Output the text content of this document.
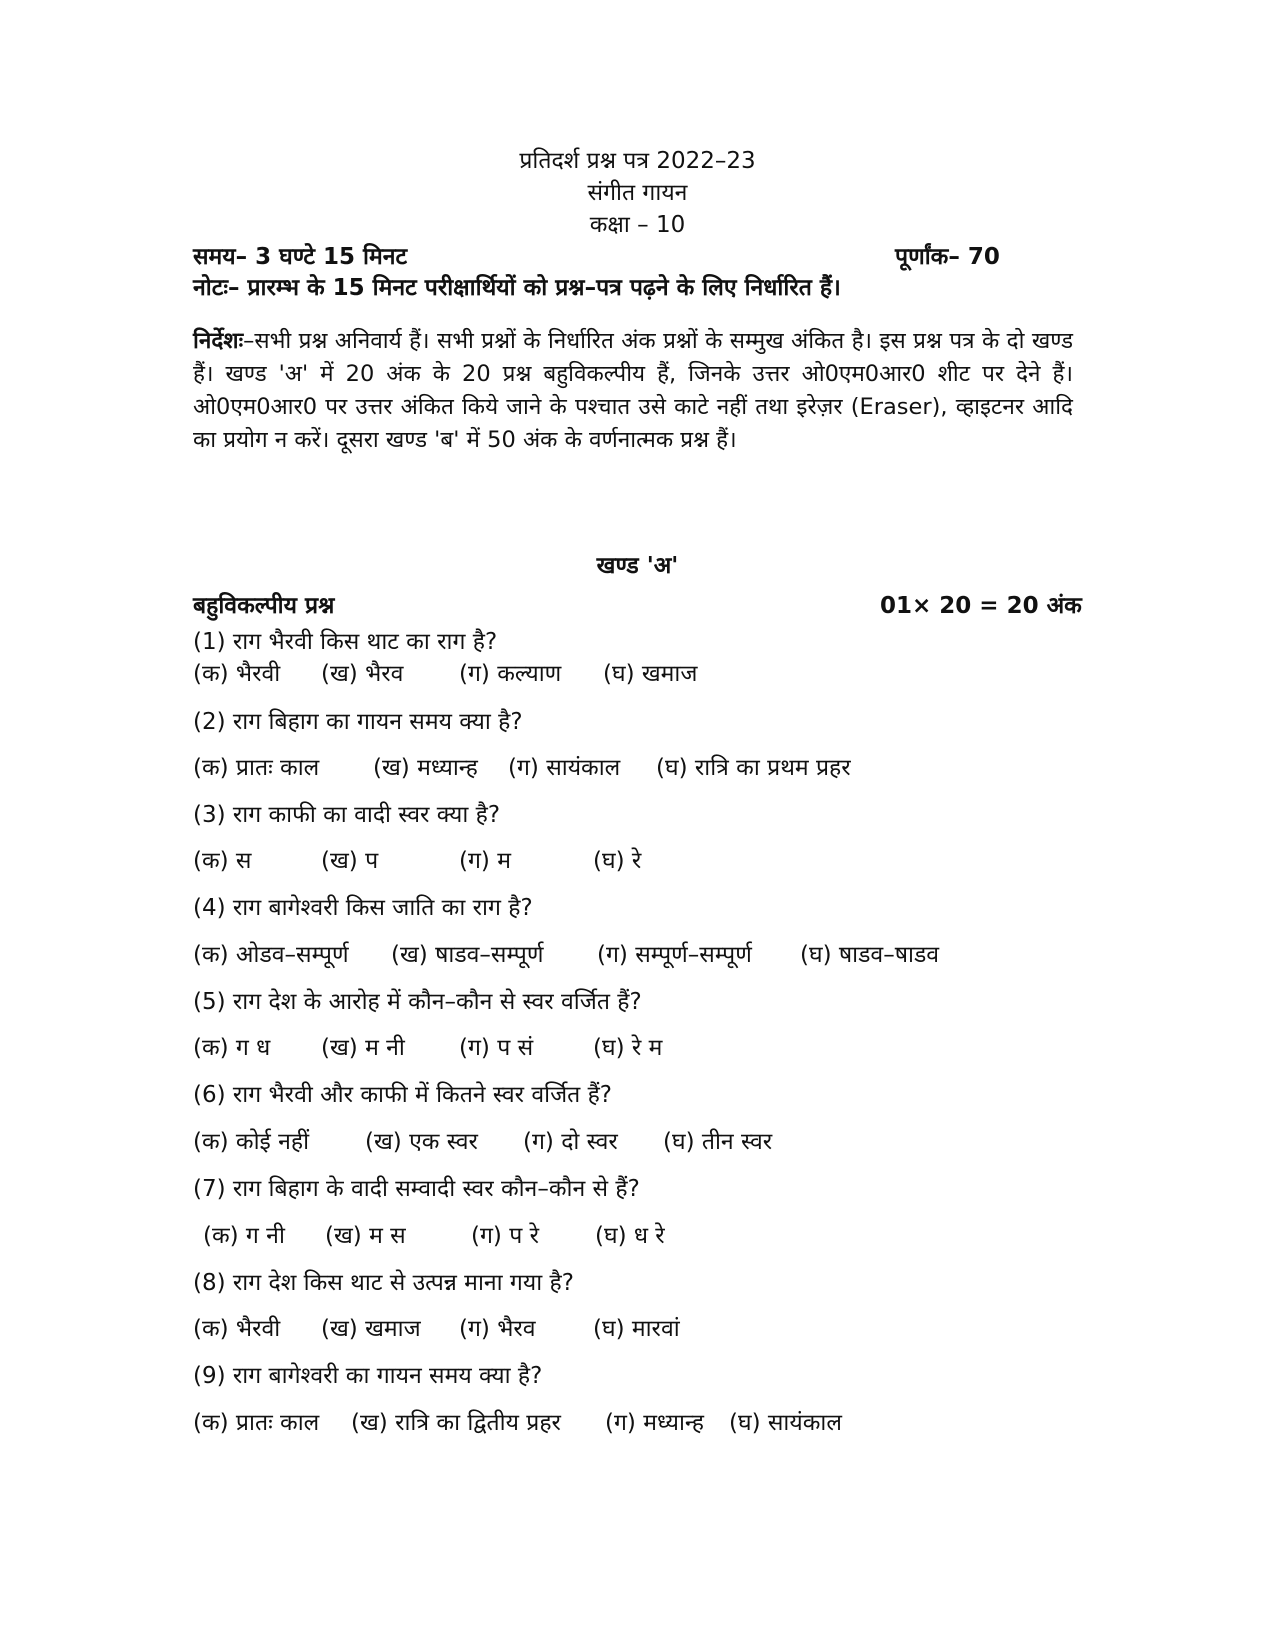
प्रतिदर्श प्रश्न पत्र 2022–23
संगीत गायन
कक्षा – 10
समय– 3 घण्टे 15 मिनट	पूर्णांक– 70
नोटः– प्रारम्भ के 15 मिनट परीक्षार्थियों को प्रश्न–पत्र पढ़ने के लिए निर्धारित हैं।
निर्देशः–सभी प्रश्न अनिवार्य हैं। सभी प्रश्नों के निर्धारित अंक प्रश्नों के सम्मुख अंकित है। इस प्रश्न पत्र के दो खण्ड हैं। खण्ड 'अ' में 20 अंक के 20 प्रश्न बहुविकल्पीय हैं, जिनके उत्तर ओ0एम0आर0 शीट पर देने हैं। ओ0एम0आर0 पर उत्तर अंकित किये जाने के पश्चात उसे काटे नहीं तथा इरेज़र (Eraser), व्हाइटनर आदि का प्रयोग न करें। दूसरा खण्ड 'ब' में 50 अंक के वर्णनात्मक प्रश्न हैं।
खण्ड 'अ'
बहुविकल्पीय प्रश्न	01× 20 = 20 अंक
(1) राग भैरवी किस थाट का राग है?
(क) भैरवी (ख) भैरव (ग) कल्याण (घ) खमाज
(2) राग बिहाग का गायन समय क्या है?
(क) प्रातः काल (ख) मध्यान्ह (ग) सायंकाल (घ) रात्रि का प्रथम प्रहर
(3) राग काफी का वादी स्वर क्या है?
(क) स	(ख) प	(ग) म	(घ) रे
(4) राग बागेश्वरी किस जाति का राग है?
(क) ओडव–सम्पूर्ण (ख) षाडव–सम्पूर्ण (ग) सम्पूर्ण–सम्पूर्ण (घ) षाडव–षाडव
(5) राग देश के आरोह में कौन–कौन से स्वर वर्जित हैं?
(क) ग ध (ख) म नी (ग) प सं	(घ) रे म
(6) राग भैरवी और काफी में कितने स्वर वर्जित हैं?
(क) कोई नहीं (ख) एक स्वर (ग) दो स्वर (घ) तीन स्वर
(7) राग बिहाग के वादी सम्वादी स्वर कौन–कौन से हैं?
(क) ग नी (ख) म स	(ग) प रे (घ) ध रे
(8) राग देश किस थाट से उत्पन्न माना गया है?
(क) भैरवी (ख) खमाज (ग) भैरव (घ) मारवां
(9) राग बागेश्वरी का गायन समय क्या है?
(क) प्रातः काल (ख) रात्रि का द्वितीय प्रहर (ग) मध्यान्ह (घ) सायंकाल
